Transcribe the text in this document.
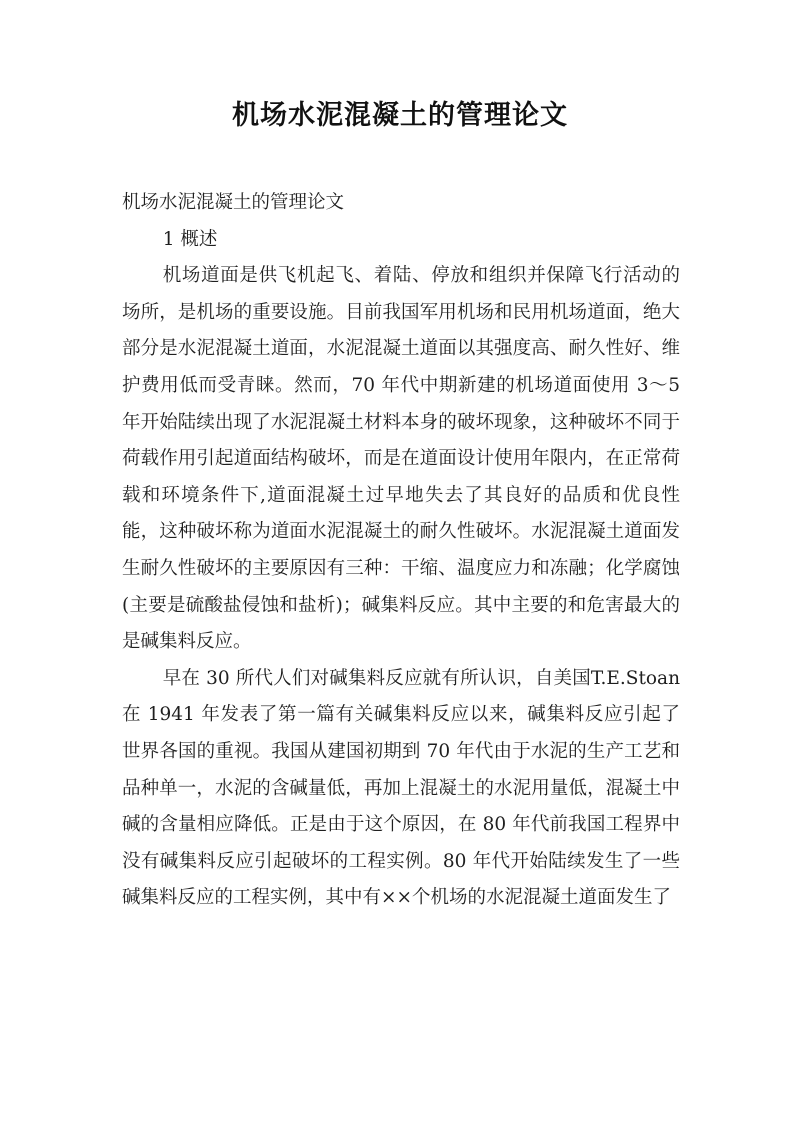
机场水泥混凝土的管理论文

机场水泥混凝土的管理论文

1 概述

机场道面是供飞机起飞、着陆、停放和组织并保障飞行活动的场所，是机场的重要设施。目前我国军用机场和民用机场道面，绝大部分是水泥混凝土道面，水泥混凝土道面以其强度高、耐久性好、维护费用低而受青睐。然而，70 年代中期新建的机场道面使用 3～5 年开始陆续出现了水泥混凝土材料本身的破坏现象，这种破坏不同于荷载作用引起道面结构破坏，而是在道面设计使用年限内，在正常荷载和环境条件下,道面混凝土过早地失去了其良好的品质和优良性能，这种破坏称为道面水泥混凝土的耐久性破坏。水泥混凝土道面发生耐久性破坏的主要原因有三种：干缩、温度应力和冻融；化学腐蚀(主要是硫酸盐侵蚀和盐析)；碱集料反应。其中主要的和危害最大的是碱集料反应。

早在 30 所代人们对碱集料反应就有所认识，自美国T.E.Stoan 在 1941 年发表了第一篇有关碱集料反应以来，碱集料反应引起了世界各国的重视。我国从建国初期到 70 年代由于水泥的生产工艺和品种单一，水泥的含碱量低，再加上混凝土的水泥用量低，混凝土中碱的含量相应降低。正是由于这个原因，在 80 年代前我国工程界中没有碱集料反应引起破坏的工程实例。80 年代开始陆续发生了一些碱集料反应的工程实例，其中有××个机场的水泥混凝土道面发生了
